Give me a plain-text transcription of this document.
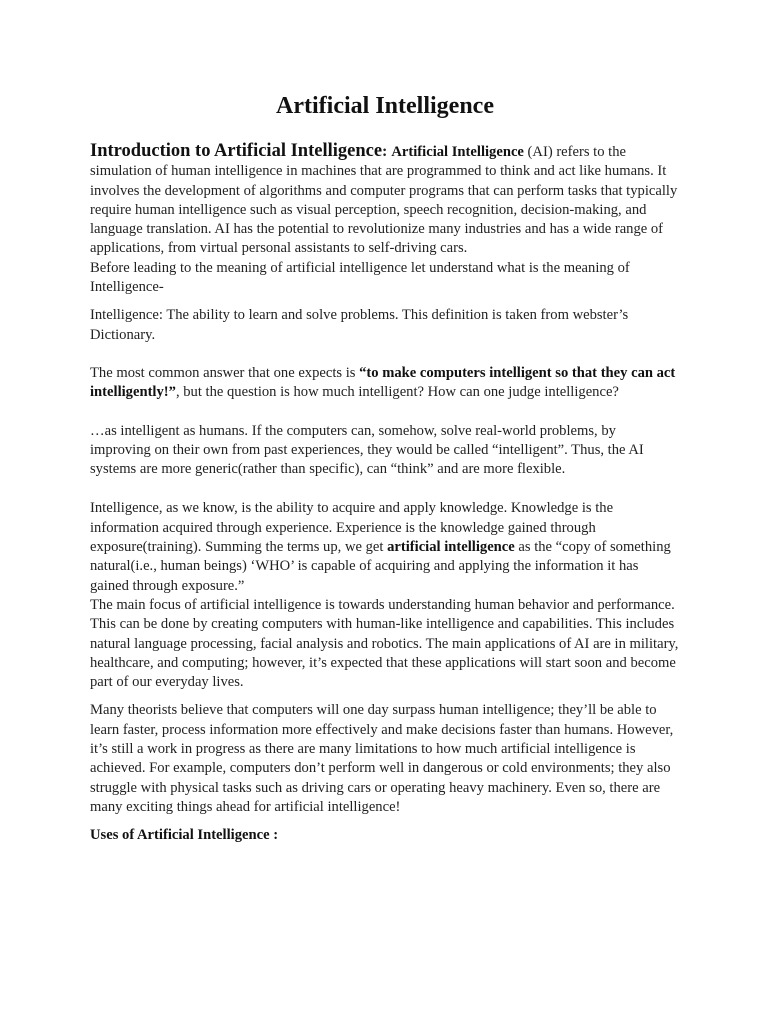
Artificial Intelligence

Introduction to Artificial Intelligence: Artificial Intelligence (AI) refers to the simulation of human intelligence in machines that are programmed to think and act like humans. It involves the development of algorithms and computer programs that can perform tasks that typically require human intelligence such as visual perception, speech recognition, decision-making, and language translation. AI has the potential to revolutionize many industries and has a wide range of applications, from virtual personal assistants to self-driving cars.

Before leading to the meaning of artificial intelligence let understand what is the meaning of Intelligence-

Intelligence: The ability to learn and solve problems. This definition is taken from webster’s Dictionary.

The most common answer that one expects is “to make computers intelligent so that they can act intelligently!”, but the question is how much intelligent? How can one judge intelligence?

…as intelligent as humans. If the computers can, somehow, solve real-world problems, by improving on their own from past experiences, they would be called “intelligent”. Thus, the AI systems are more generic(rather than specific), can “think” and are more flexible.

Intelligence, as we know, is the ability to acquire and apply knowledge. Knowledge is the information acquired through experience. Experience is the knowledge gained through exposure(training). Summing the terms up, we get artificial intelligence as the “copy of something natural(i.e., human beings) ‘WHO’ is capable of acquiring and applying the information it has gained through exposure.”

The main focus of artificial intelligence is towards understanding human behavior and performance. This can be done by creating computers with human-like intelligence and capabilities. This includes natural language processing, facial analysis and robotics. The main applications of AI are in military, healthcare, and computing; however, it’s expected that these applications will start soon and become part of our everyday lives.

Many theorists believe that computers will one day surpass human intelligence; they’ll be able to learn faster, process information more effectively and make decisions faster than humans. However, it’s still a work in progress as there are many limitations to how much artificial intelligence is achieved. For example, computers don’t perform well in dangerous or cold environments; they also struggle with physical tasks such as driving cars or operating heavy machinery. Even so, there are many exciting things ahead for artificial intelligence!

Uses of Artificial Intelligence :
